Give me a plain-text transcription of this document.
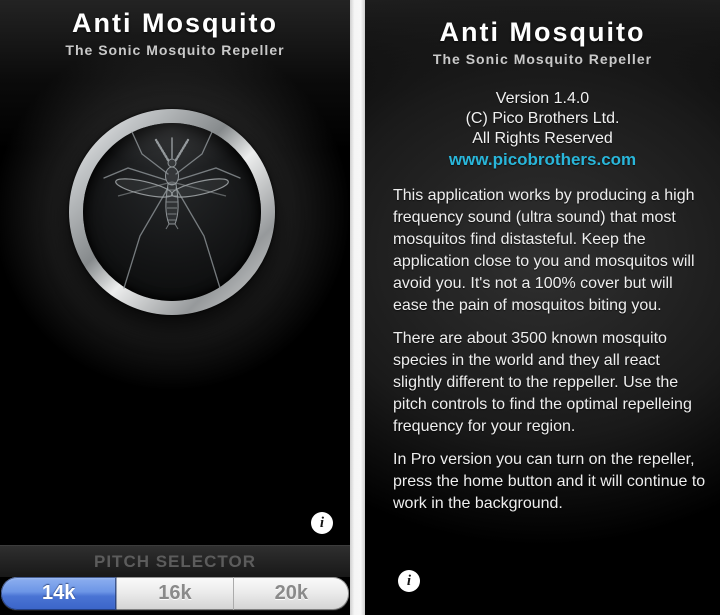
Anti Mosquito
The Sonic Mosquito Repeller
i
PITCH SELECTOR
14k	16k	20k
Anti Mosquito
The Sonic Mosquito Repeller
Version 1.4.0
(C) Pico Brothers Ltd.
All Rights Reserved
www.picobrothers.com

This application works by producing a high frequency sound (ultra sound) that most mosquitos find distasteful. Keep the application close to you and mosquitos will avoid you. It's not a 100% cover but will ease the pain of mosquitos biting you.

There are about 3500 known mosquito species in the world and they all react slightly different to the reppeller. Use the pitch controls to find the optimal repelleing frequency for your region.

In Pro version you can turn on the repeller, press the home button and it will continue to work in the background.

i
